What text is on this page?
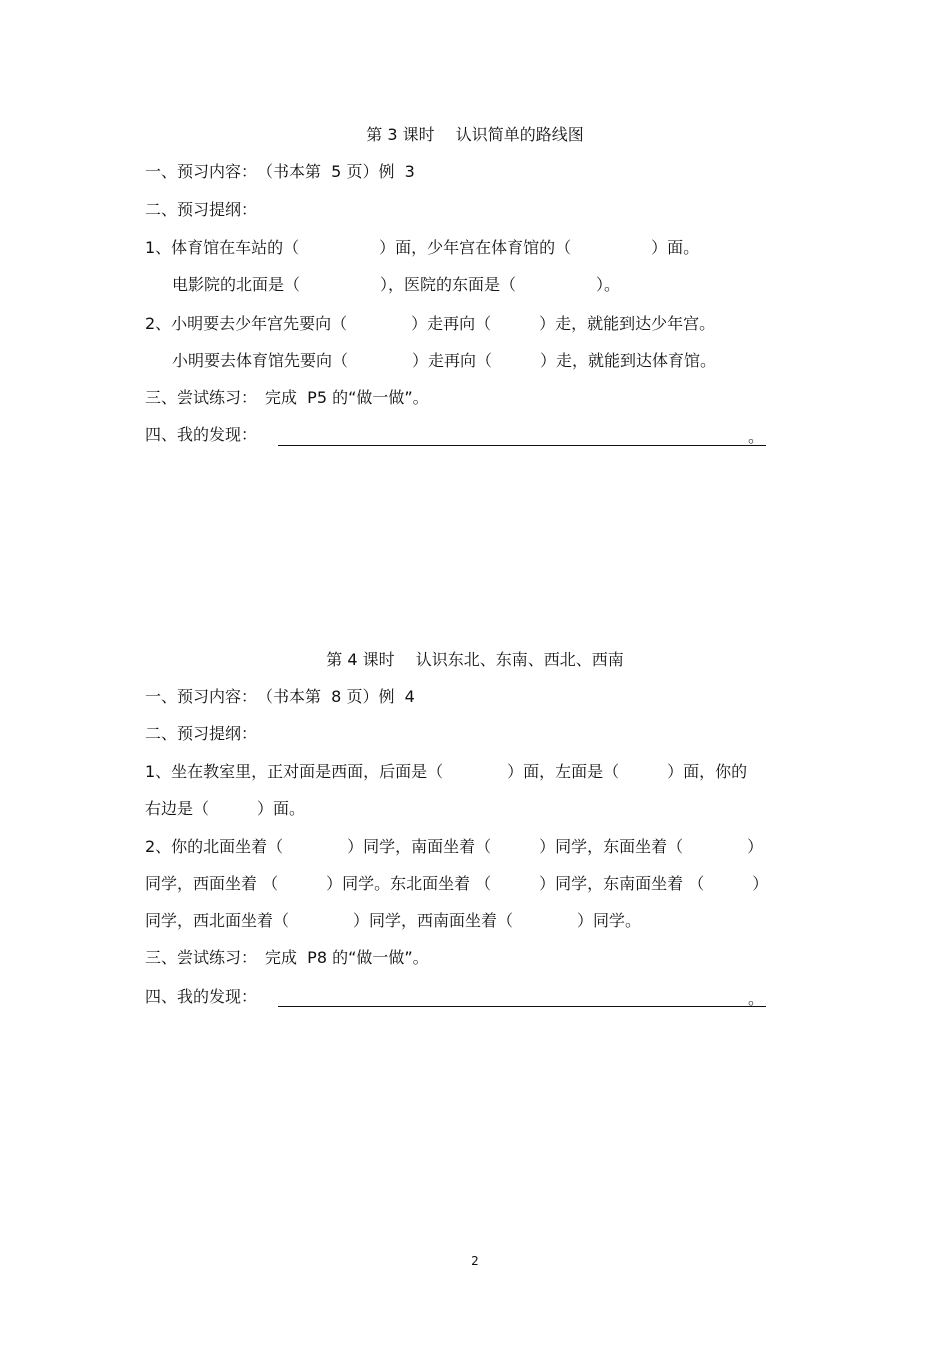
第 3 课时　 认识简单的路线图
一、预习内容：　（书本第  5 页）例  3
二、预习提纲：
1、体育馆在车站的（　　　　　）面，少年宫在体育馆的（　　　　　）面。
电影院的北面是（　　　　　），医院的东面是（　　　　　）。
2、小明要去少年宫先要向（　　　　）走再向（　　　）走，就能到达少年宫。
小明要去体育馆先要向（　　　　）走再向（　　　）走，就能到达体育馆。
三、尝试练习：　完成  P5 的“做一做”。
四、我的发现：	。
第 4 课时　 认识东北、东南、西北、西南
一、预习内容：　（书本第  8 页）例  4
二、预习提纲：
1、坐在教室里，正对面是西面，后面是（　　　　）面，左面是（　　　）面，你的
右边是（　　　）面。
2、你的北面坐着（　　　　）同学，南面坐着（　　　）同学，东面坐着（　　　　）
同学，西面坐着 （　　　）同学。东北面坐着 （　　　）同学，东南面坐着 （　　　）
同学，西北面坐着（　　　　）同学，西南面坐着（　　　　）同学。
三、尝试练习：　完成  P8 的“做一做”。
四、我的发现：	。
2
